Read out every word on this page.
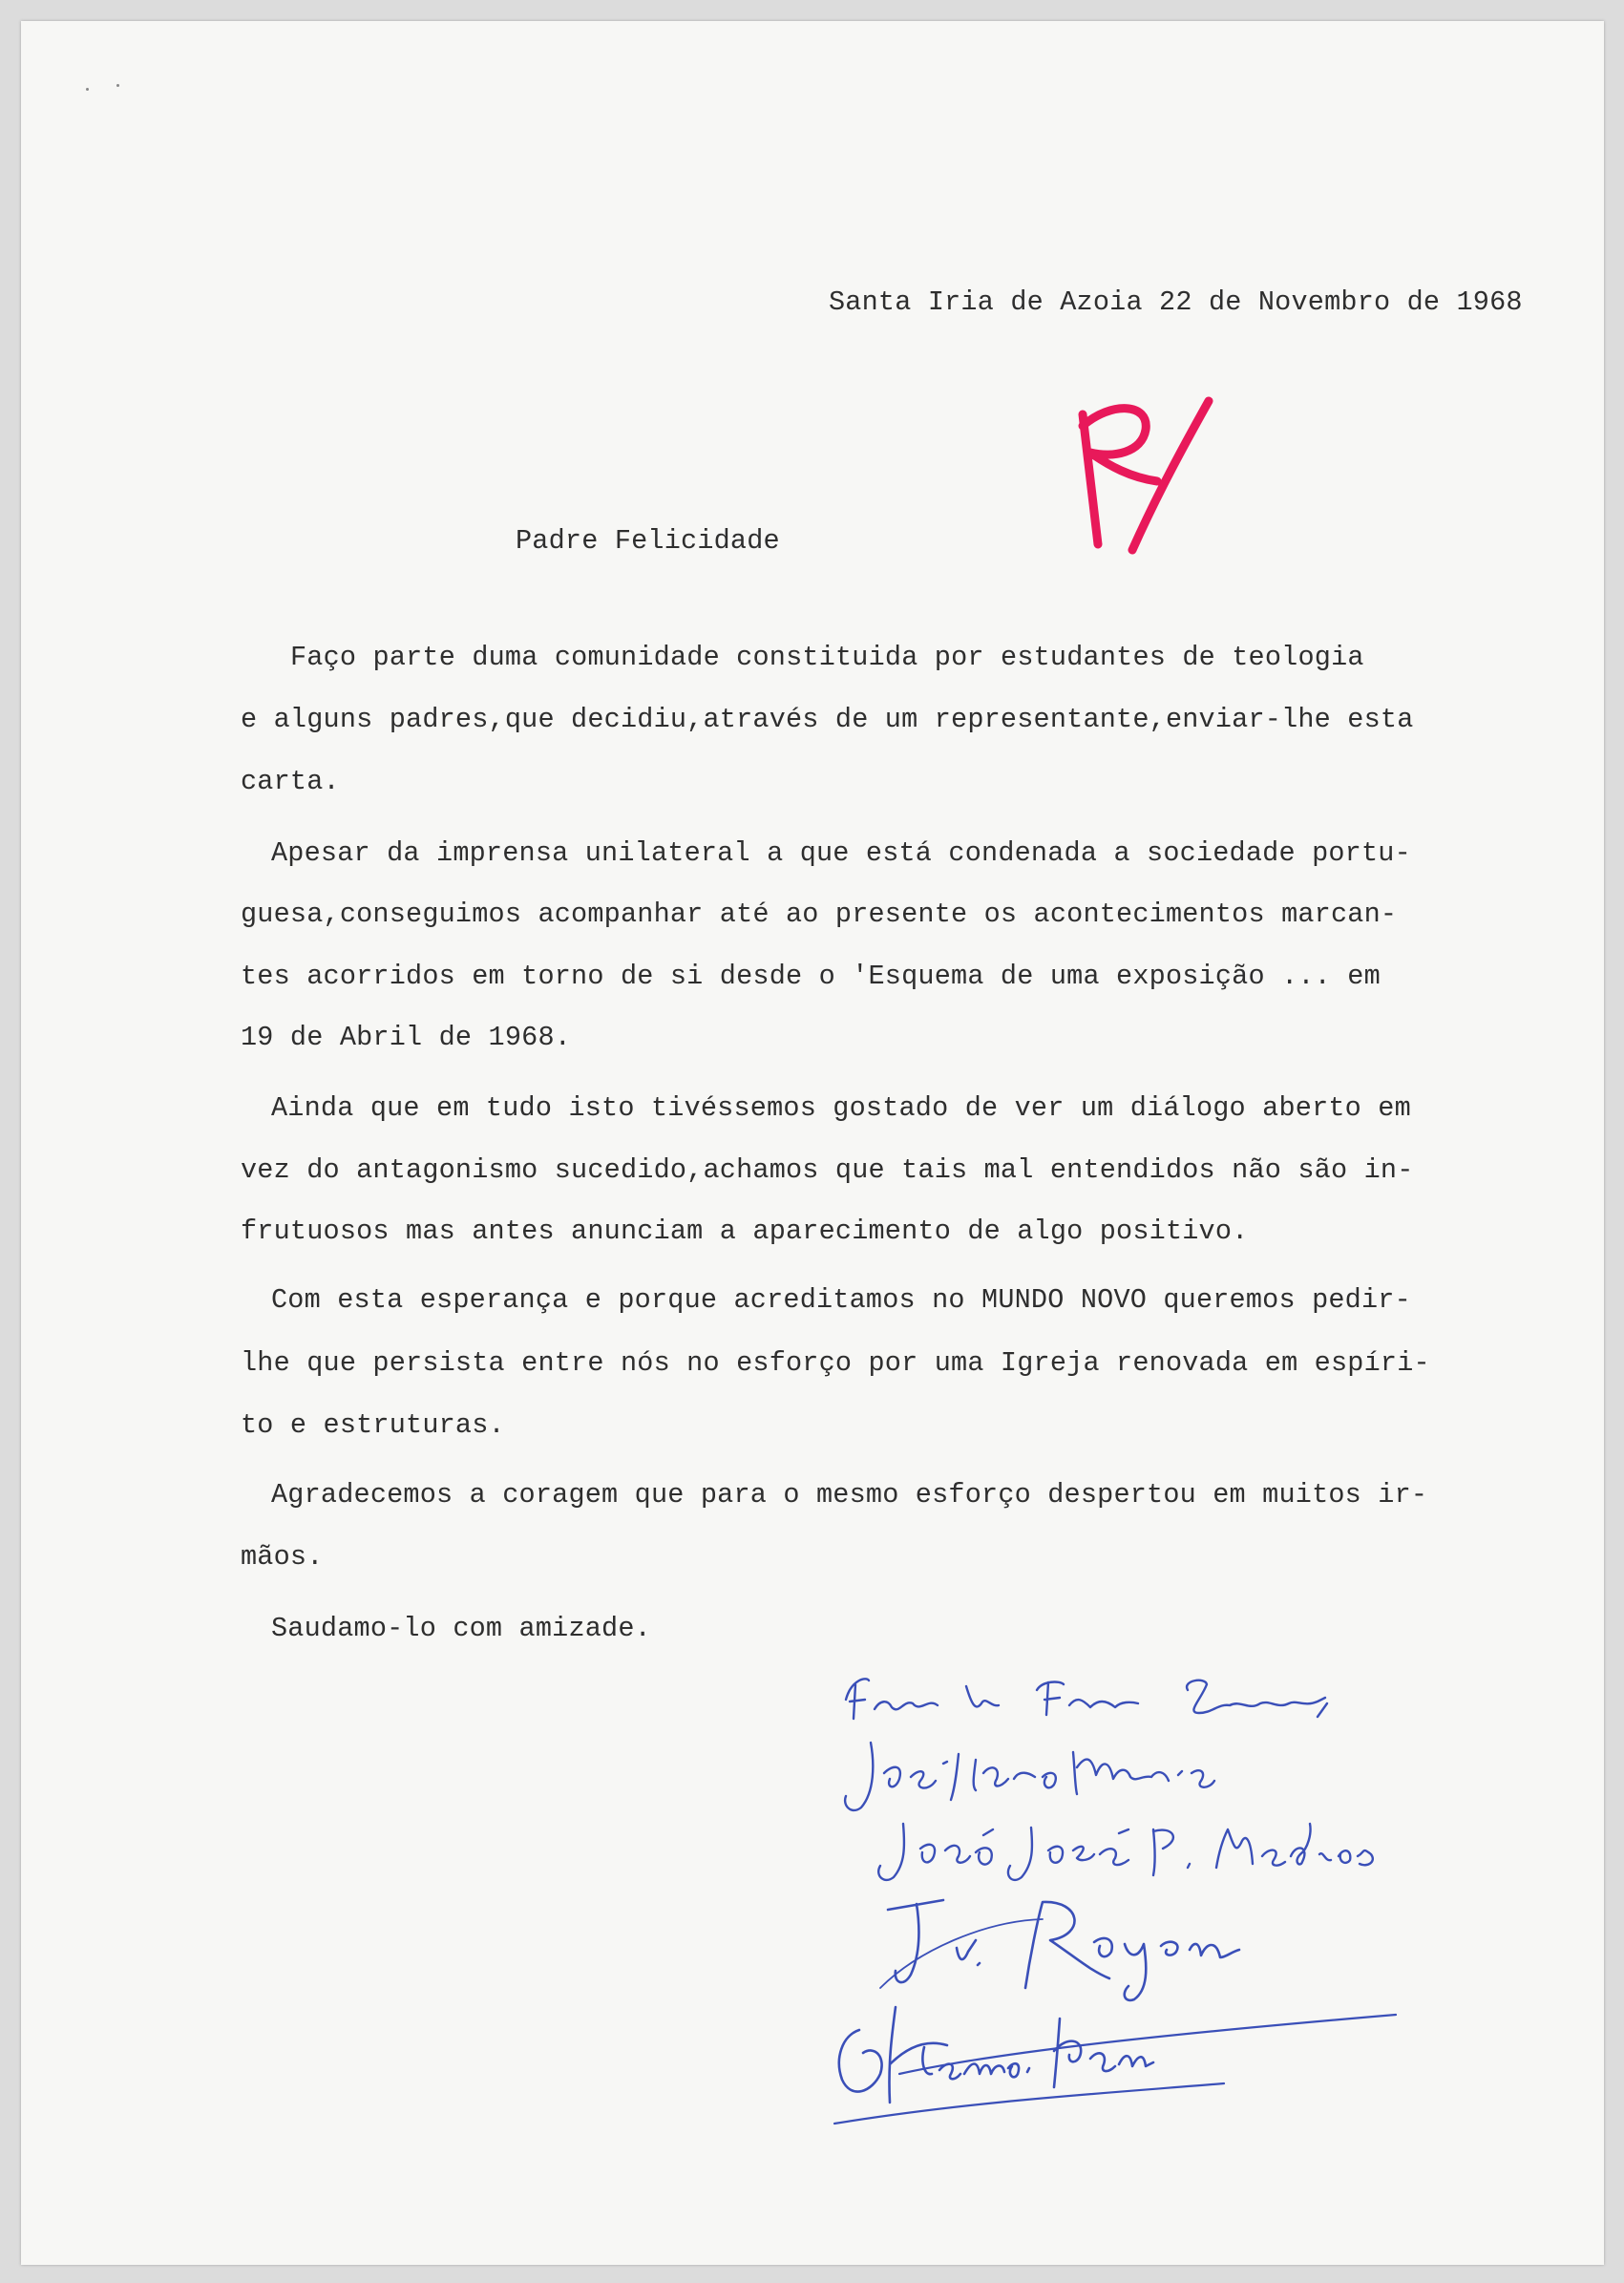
Santa Iria de Azoia 22 de Novembro de 1968
Padre Felicidade
Faço parte duma comunidade constituida por estudantes de teologia
e alguns padres,que decidiu,através de um representante,enviar-lhe esta
carta.
Apesar da imprensa unilateral a que está condenada a sociedade portu-
guesa,conseguimos acompanhar até ao presente os acontecimentos marcan-
tes acorridos em torno de si desde o 'Esquema de uma exposição ... em
19 de Abril de 1968.
Ainda que em tudo isto tivéssemos gostado de ver um diálogo aberto em
vez do antagonismo sucedido,achamos que tais mal entendidos não são in-
frutuosos mas antes anunciam a aparecimento de algo positivo.
Com esta esperança e porque acreditamos no MUNDO NOVO queremos pedir-
lhe que persista entre nós no esforço por uma Igreja renovada em espíri-
to e estruturas.
Agradecemos a coragem que para o mesmo esforço despertou em muitos ir-
mãos.
Saudamo-lo com amizade.
